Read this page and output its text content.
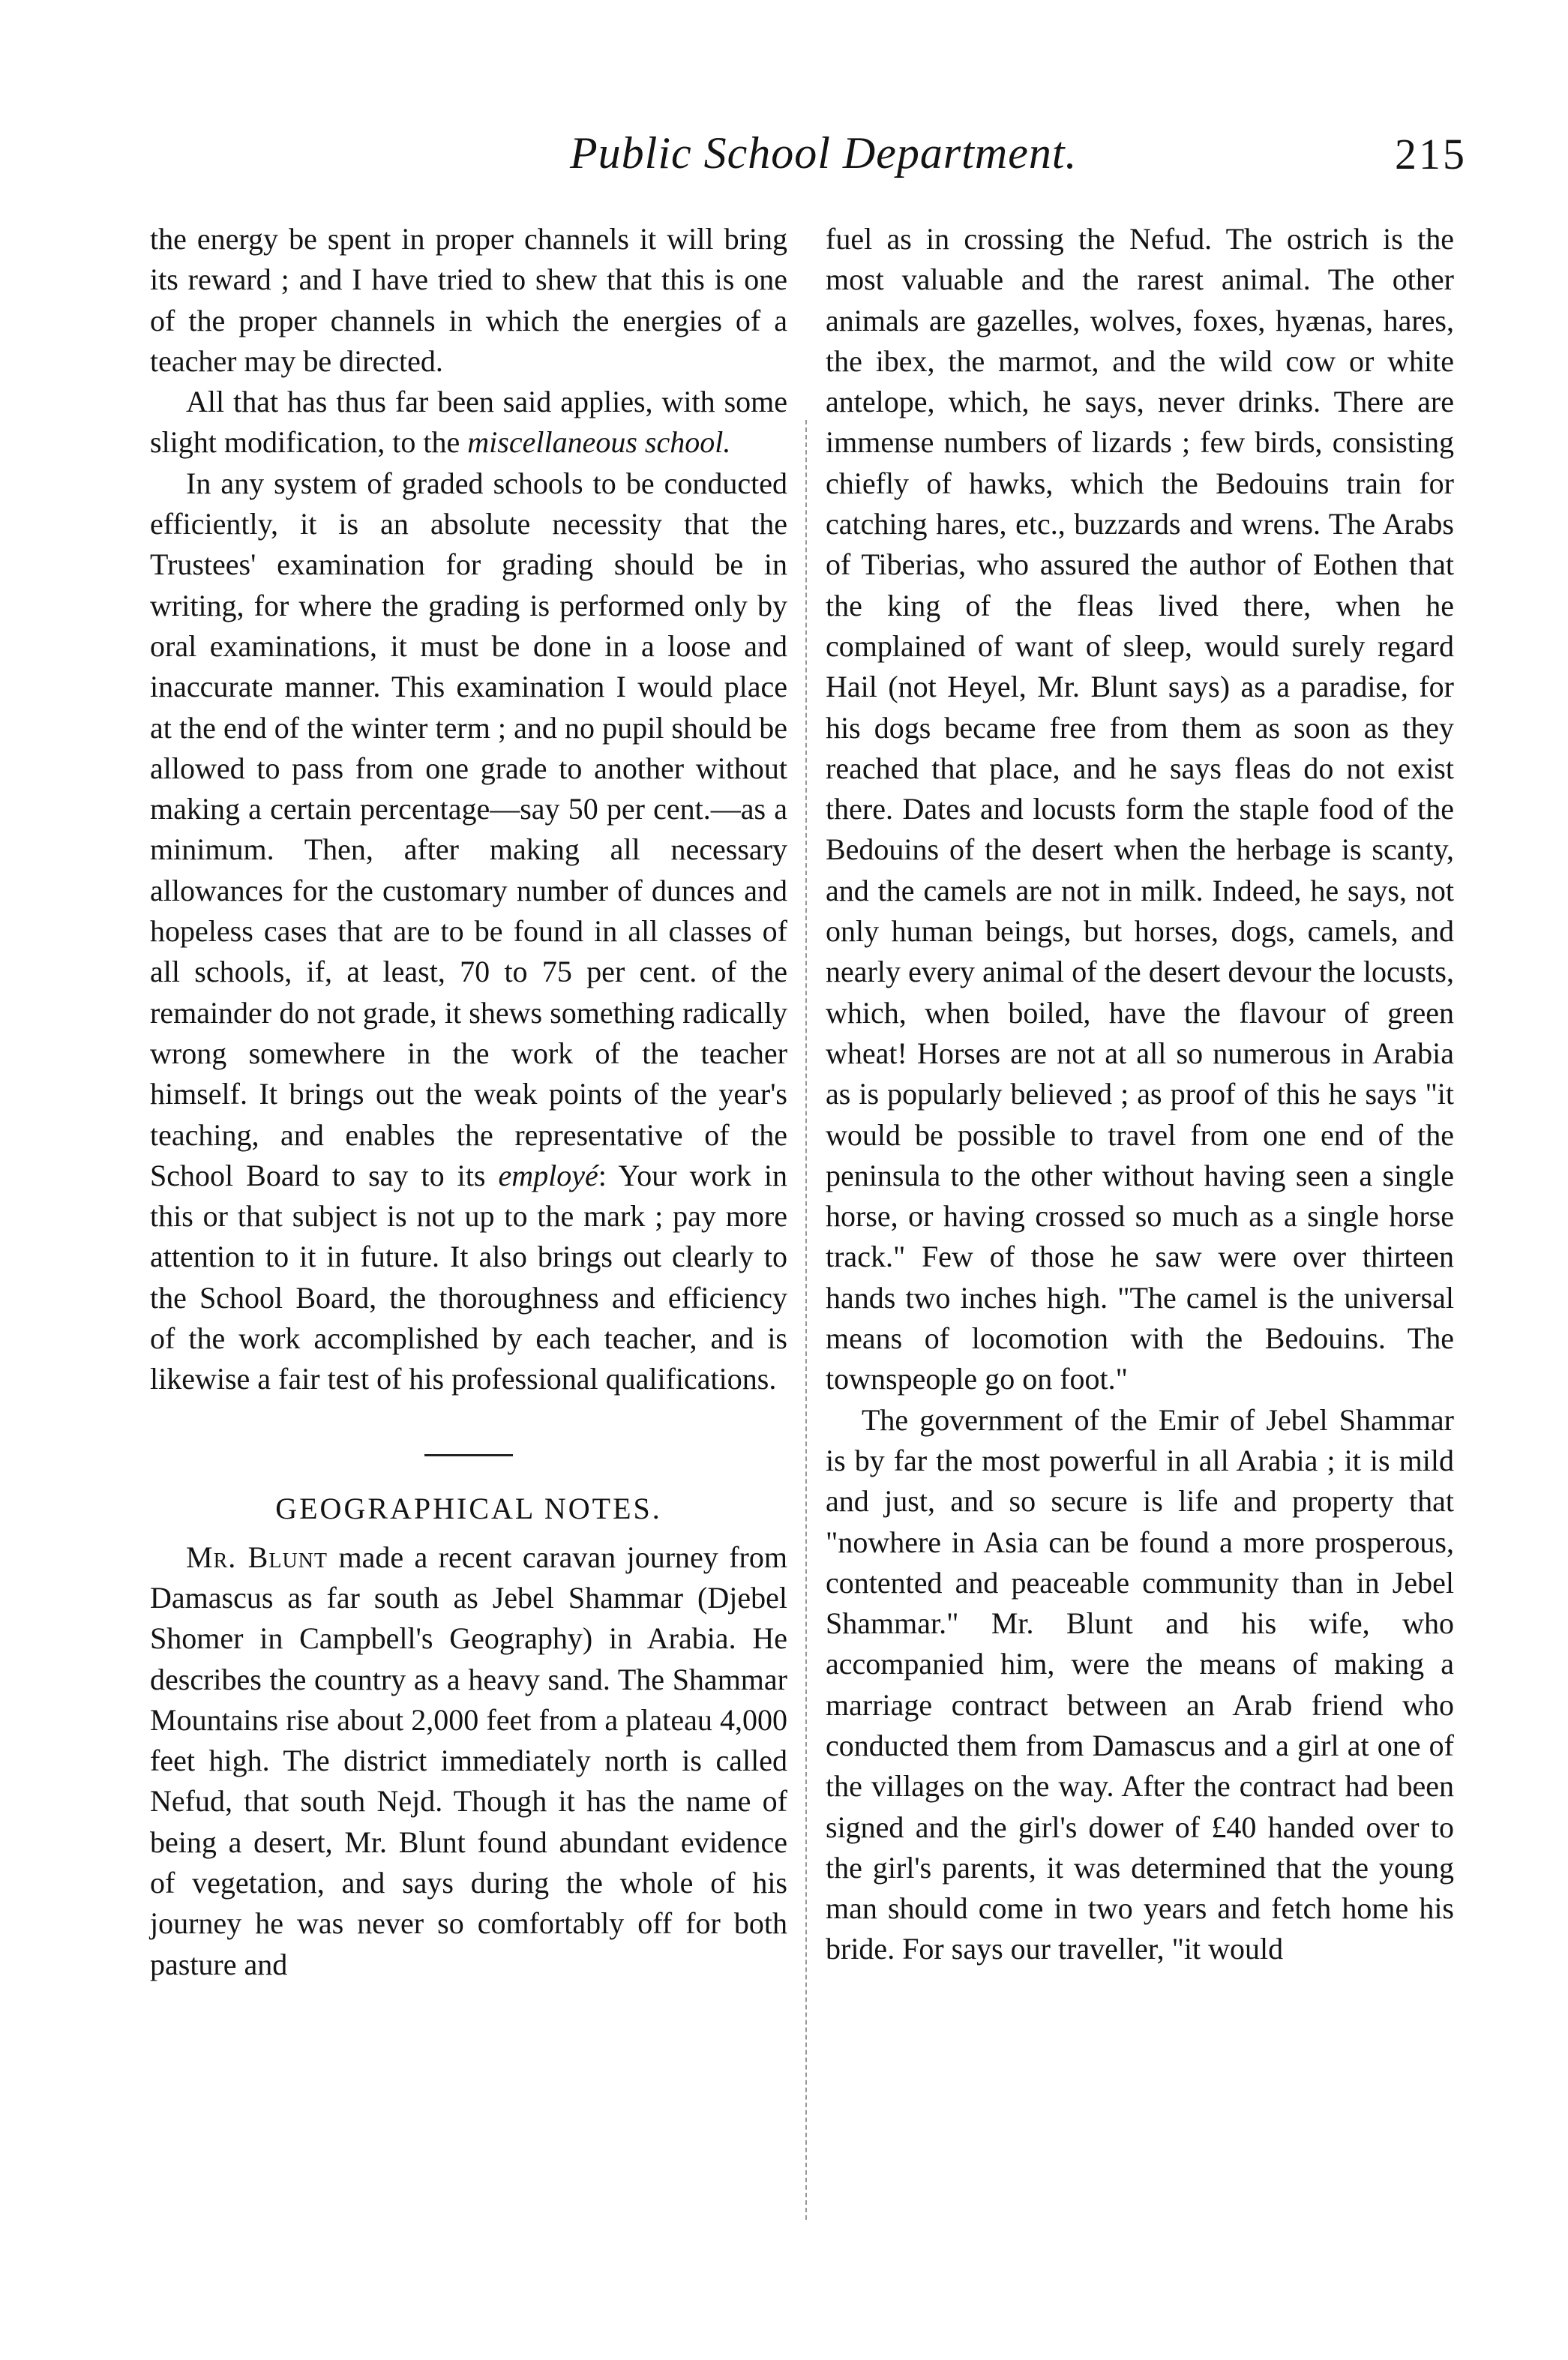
Public School Department.	215

the energy be spent in proper channels it will bring its reward ; and I have tried to shew that this is one of the proper channels in which the energies of a teacher may be directed.

All that has thus far been said applies, with some slight modification, to the miscellaneous school.

In any system of graded schools to be conducted efficiently, it is an absolute necessity that the Trustees' examination for grading should be in writing, for where the grading is performed only by oral examinations, it must be done in a loose and inaccurate manner. This examination I would place at the end of the winter term ; and no pupil should be allowed to pass from one grade to another without making a certain percentage—say 50 per cent.—as a minimum. Then, after making all necessary allowances for the customary number of dunces and hopeless cases that are to be found in all classes of all schools, if, at least, 70 to 75 per cent. of the remainder do not grade, it shews something radically wrong somewhere in the work of the teacher himself. It brings out the weak points of the year's teaching, and enables the representative of the School Board to say to its employé: Your work in this or that subject is not up to the mark ; pay more attention to it in future. It also brings out clearly to the School Board, the thoroughness and efficiency of the work accomplished by each teacher, and is likewise a fair test of his professional qualifications.

GEOGRAPHICAL NOTES.

Mr. Blunt made a recent caravan journey from Damascus as far south as Jebel Shammar (Djebel Shomer in Campbell's Geography) in Arabia. He describes the country as a heavy sand. The Shammar Mountains rise about 2,000 feet from a plateau 4,000 feet high. The district immediately north is called Nefud, that south Nejd. Though it has the name of being a desert, Mr. Blunt found abundant evidence of vegetation, and says during the whole of his journey he was never so comfortably off for both pasture and

fuel as in crossing the Nefud. The ostrich is the most valuable and the rarest animal. The other animals are gazelles, wolves, foxes, hyænas, hares, the ibex, the marmot, and the wild cow or white antelope, which, he says, never drinks. There are immense numbers of lizards ; few birds, consisting chiefly of hawks, which the Bedouins train for catching hares, etc., buzzards and wrens. The Arabs of Tiberias, who assured the author of Eothen that the king of the fleas lived there, when he complained of want of sleep, would surely regard Hail (not Heyel, Mr. Blunt says) as a paradise, for his dogs became free from them as soon as they reached that place, and he says fleas do not exist there. Dates and locusts form the staple food of the Bedouins of the desert when the herbage is scanty, and the camels are not in milk. Indeed, he says, not only human beings, but horses, dogs, camels, and nearly every animal of the desert devour the locusts, which, when boiled, have the flavour of green wheat! Horses are not at all so numerous in Arabia as is popularly believed ; as proof of this he says "it would be possible to travel from one end of the peninsula to the other without having seen a single horse, or having crossed so much as a single horse track." Few of those he saw were over thirteen hands two inches high. "The camel is the universal means of locomotion with the Bedouins. The townspeople go on foot."

The government of the Emir of Jebel Shammar is by far the most powerful in all Arabia ; it is mild and just, and so secure is life and property that "nowhere in Asia can be found a more prosperous, contented and peaceable community than in Jebel Shammar." Mr. Blunt and his wife, who accompanied him, were the means of making a marriage contract between an Arab friend who conducted them from Damascus and a girl at one of the villages on the way. After the contract had been signed and the girl's dower of £40 handed over to the girl's parents, it was determined that the young man should come in two years and fetch home his bride. For says our traveller, "it would
